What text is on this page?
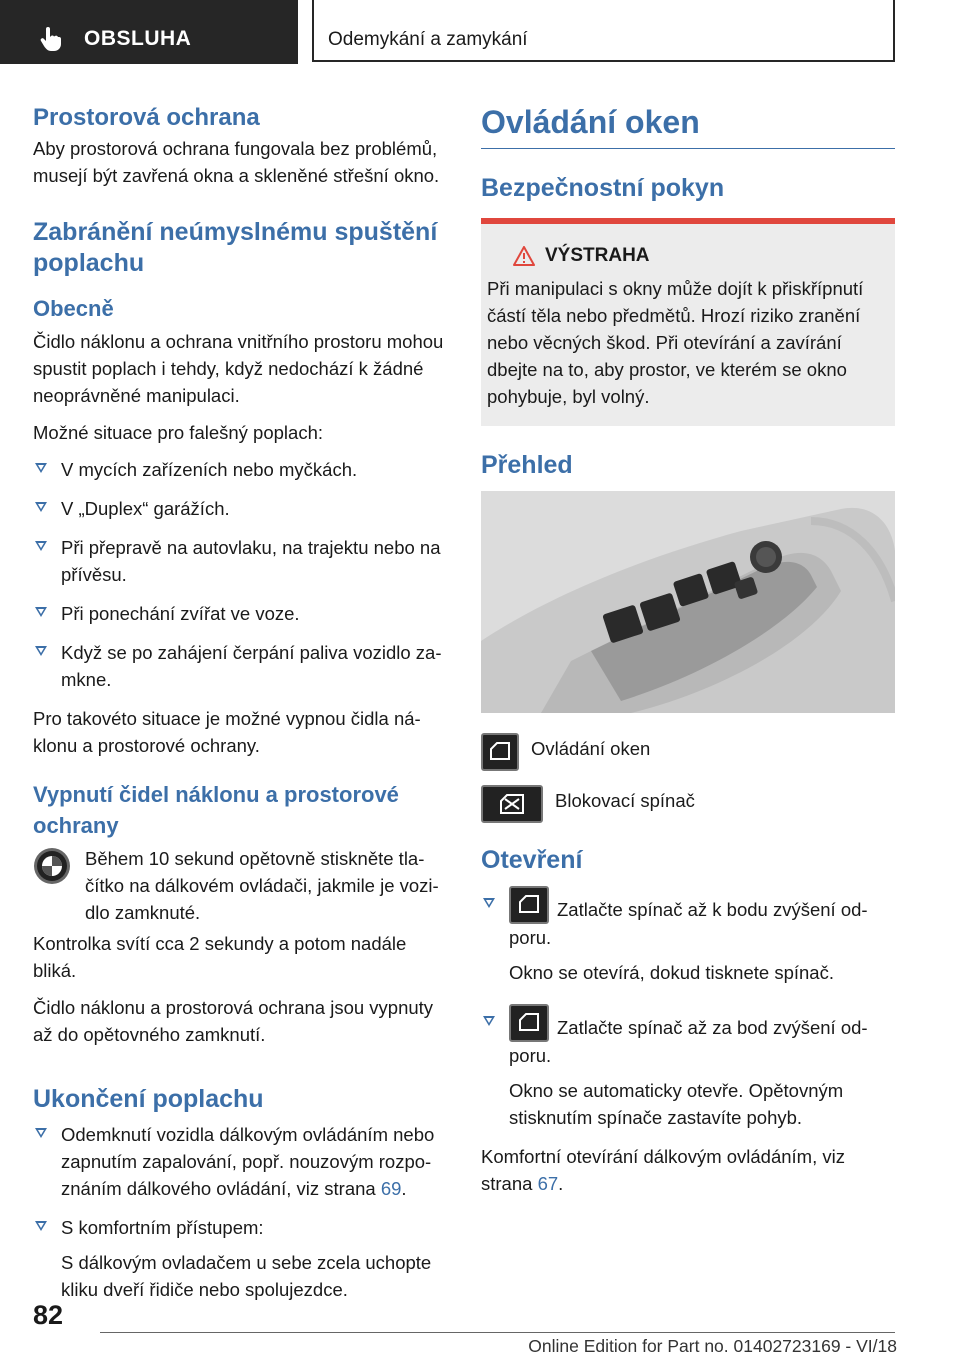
OBSLUHA	Odemykání a zamykání
Prostorová ochrana

Aby prostorová ochrana fungovala bez problémů, musejí být zavřená okna a skleněné střešní okno.

Zabránění neúmyslnému spuštění poplachu
Obecně

Čidlo náklonu a ochrana vnitřního prostoru mohou spustit poplach i tehdy, když nedochází k žádné neoprávněné manipulaci.

Možné situace pro falešný poplach:

V mycích zařízeních nebo myčkách.
V „Duplex“ garážích.
Při přepravě na autovlaku, na trajektu nebo na přívěsu.
Při ponechání zvířat ve voze.
Když se po zahájení čerpání paliva vozidlo zamkne.

Pro takovéto situace je možné vypnou čidla náklonu a prostorové ochrany.

Vypnutí čidel náklonu a prostorové ochrany

Během 10 sekund opětovně stiskněte tlačítko na dálkovém ovládači, jakmile je vozidlo zamknuté.

Kontrolka svítí cca 2 sekundy a potom nadále bliká.

Čidlo náklonu a prostorová ochrana jsou vypnuty až do opětovného zamknutí.

Ukončení poplachu
Odemknutí vozidla dálkovým ovládáním nebo zapnutím zapalování, popř. nouzovým rozpoznáním dálkového ovládání, viz strana 69.
S komfortním přístupem:
S dálkovým ovladačem u sebe zcela uchopte kliku dveří řidiče nebo spolujezdce.
Ovládání oken
Bezpečnostní pokyn
VÝSTRAHA
Při manipulaci s okny může dojít k přiskřípnutí částí těla nebo předmětů. Hrozí riziko zranění nebo věcných škod. Při otevírání a zavírání dbejte na to, aby prostor, ve kterém se okno pohybuje, byl volný.
Přehled
Ovládání oken
Blokovací spínač
Otevření
Zatlačte spínač až k bodu zvýšení odporu.
Okno se otevírá, dokud tisknete spínač.
Zatlačte spínač až za bod zvýšení odporu.
Okno se automaticky otevře. Opětovným stisknutím spínače zastavíte pohyb.

Komfortní otevírání dálkovým ovládáním, viz strana 67.

82
Online Edition for Part no. 01402723169 - VI/18
